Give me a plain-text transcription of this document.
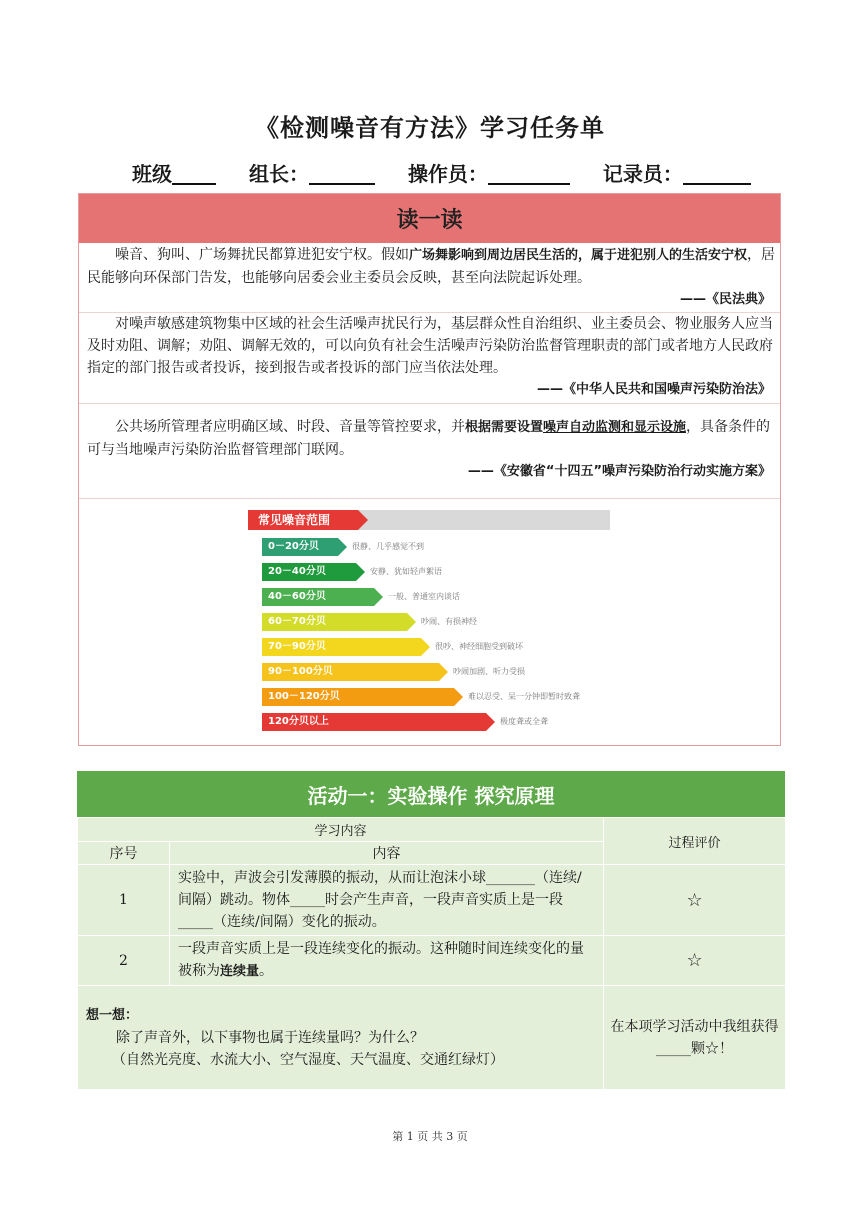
《检测噪音有方法》学习任务单
班级	组长：	操作员：	记录员：
读一读
噪音、狗叫、广场舞扰民都算进犯安宁权。假如广场舞影响到周边居民生活的，属于进犯别人的生活安宁权，居民能够向环保部门告发，也能够向居委会业主委员会反映，甚至向法院起诉处理。
——《民法典》
对噪声敏感建筑物集中区域的社会生活噪声扰民行为，基层群众性自治组织、业主委员会、物业服务人应当及时劝阻、调解；劝阻、调解无效的，可以向负有社会生活噪声污染防治监督管理职责的部门或者地方人民政府指定的部门报告或者投诉，接到报告或者投诉的部门应当依法处理。
——《中华人民共和国噪声污染防治法》
公共场所管理者应明确区域、时段、音量等管控要求，并根据需要设置噪声自动监测和显示设施，具备条件的可与当地噪声污染防治监督管理部门联网。
——《安徽省“十四五”噪声污染防治行动实施方案》
常见噪音范围
0－20分贝	很静、几乎感觉不到
20－40分贝	安静、犹如轻声絮语
40－60分贝	一般、普通室内谈话
60－70分贝	吵闹、有损神经
70－90分贝	很吵、神经细胞受到破坏
90－100分贝	吵闹加剧、听力受损
100－120分贝	难以忍受、呆一分钟即暂时致聋
120分贝以上	极度聋或全聋
活动一：实验操作 探究原理
学习内容		过程评价
序号	内容	
1	实验中，声波会引发薄膜的振动，从而让泡沫小球_______（连续/间隔）跳动。物体_____时会产生声音，一段声音实质上是一段_____（连续/间隔）变化的振动。	☆
2	一段声音实质上是一段连续变化的振动。这种随时间连续变化的量被称为连续量。	☆

想一想：
除了声音外，以下事物也属于连续量吗？为什么？
（自然光亮度、水流大小、空气湿度、天气温度、交通红绿灯）		在本项学习活动中我组获得_____颗☆！
第 1 页 共 3 页
